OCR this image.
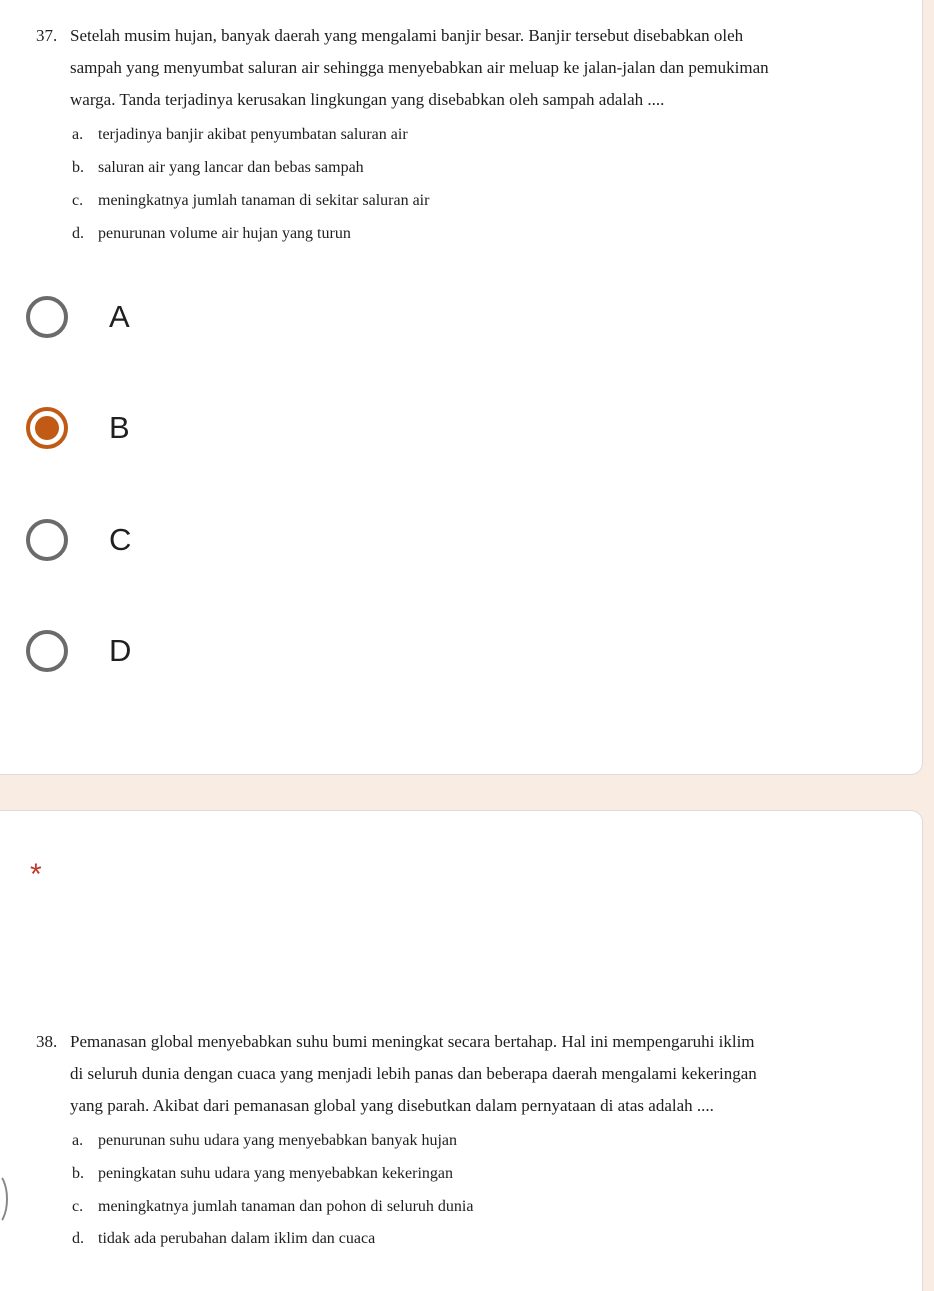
37. Setelah musim hujan, banyak daerah yang mengalami banjir besar. Banjir tersebut disebabkan oleh
sampah yang menyumbat saluran air sehingga menyebabkan air meluap ke jalan-jalan dan pemukiman
warga. Tanda terjadinya kerusakan lingkungan yang disebabkan oleh sampah adalah ....
a. terjadinya banjir akibat penyumbatan saluran air
b. saluran air yang lancar dan bebas sampah
c. meningkatnya jumlah tanaman di sekitar saluran air
d. penurunan volume air hujan yang turun
A
B
C
D
*
38. Pemanasan global menyebabkan suhu bumi meningkat secara bertahap. Hal ini mempengaruhi iklim
di seluruh dunia dengan cuaca yang menjadi lebih panas dan beberapa daerah mengalami kekeringan
yang parah. Akibat dari pemanasan global yang disebutkan dalam pernyataan di atas adalah ....
a. penurunan suhu udara yang menyebabkan banyak hujan
b. peningkatan suhu udara yang menyebabkan kekeringan
c. meningkatnya jumlah tanaman dan pohon di seluruh dunia
d. tidak ada perubahan dalam iklim dan cuaca
